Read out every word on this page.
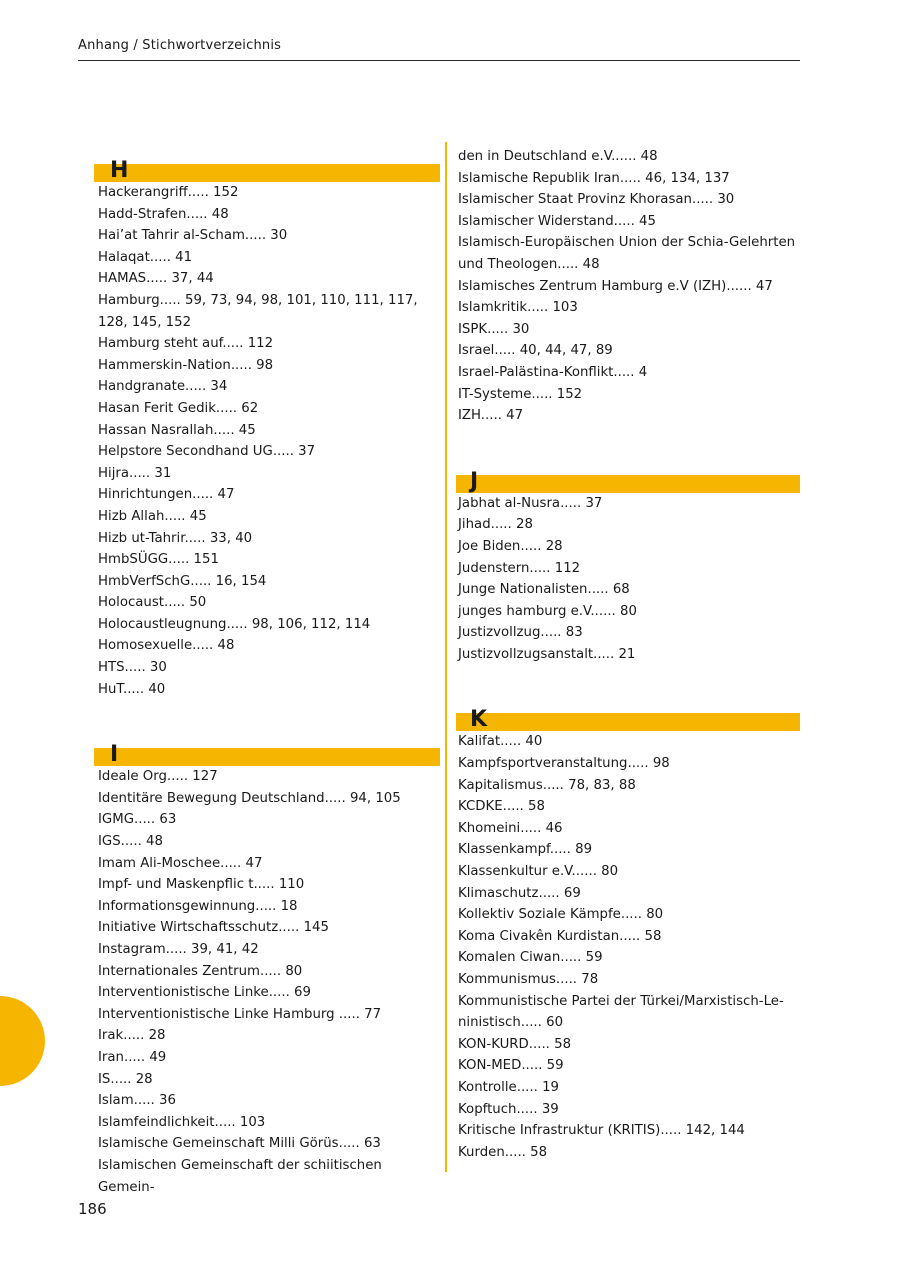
Anhang / Stichwortverzeichnis
H
Hackerangriff..... 152
Hadd-Strafen..... 48
Hai’at Tahrir al-Scham..... 30
Halaqat..... 41
HAMAS..... 37, 44
Hamburg..... 59, 73, 94, 98, 101, 110, 111, 117, 128, 145, 152
Hamburg steht auf..... 112
Hammerskin-Nation..... 98
Handgranate..... 34
Hasan Ferit Gedik..... 62
Hassan Nasrallah..... 45
Helpstore Secondhand UG..... 37
Hijra..... 31
Hinrichtungen..... 47
Hizb Allah..... 45
Hizb ut-Tahrir..... 33, 40
HmbSÜGG..... 151
HmbVerfSchG..... 16, 154
Holocaust..... 50
Holocaustleugnung..... 98, 106, 112, 114
Homosexuelle..... 48
HTS..... 30
HuT..... 40
I
Ideale Org..... 127
Identitäre Bewegung Deutschland..... 94, 105
IGMG..... 63
IGS..... 48
Imam Ali-Moschee..... 47
Impf- und Maskenpflic t..... 110
Informationsgewinnung..... 18
Initiative Wirtschaftsschutz..... 145
Instagram..... 39, 41, 42
Internationales Zentrum..... 80
Interventionistische Linke..... 69
Interventionistische Linke Hamburg ..... 77
Irak..... 28
Iran..... 49
IS..... 28
Islam..... 36
Islamfeindlichkeit..... 103
Islamische Gemeinschaft Milli Görüs..... 63
Islamischen Gemeinschaft der schiitischen Gemein-
den in Deutschland e.V...... 48
Islamische Republik Iran..... 46, 134, 137
Islamischer Staat Provinz Khorasan..... 30
Islamischer Widerstand..... 45
Islamisch-Europäischen Union der Schia-Gelehrten und Theologen..... 48
Islamisches Zentrum Hamburg e.V (IZH)...... 47
Islamkritik..... 103
ISPK..... 30
Israel..... 40, 44, 47, 89
Israel-Palästina-Konflikt..... 4
IT-Systeme..... 152
IZH..... 47
J
Jabhat al-Nusra..... 37
Jihad..... 28
Joe Biden..... 28
Judenstern..... 112
Junge Nationalisten..... 68
junges hamburg e.V...... 80
Justizvollzug..... 83
Justizvollzugsanstalt..... 21
K
Kalifat..... 40
Kampfsportveranstaltung..... 98
Kapitalismus..... 78, 83, 88
KCDKE..... 58
Khomeini..... 46
Klassenkampf..... 89
Klassenkultur e.V...... 80
Klimaschutz..... 69
Kollektiv Soziale Kämpfe..... 80
Koma Civakên Kurdistan..... 58
Komalen Ciwan..... 59
Kommunismus..... 78
Kommunistische Partei der Türkei/Marxistisch-Leninistisch..... 60
KON-KURD..... 58
KON-MED..... 59
Kontrolle..... 19
Kopftuch..... 39
Kritische Infrastruktur (KRITIS)..... 142, 144
Kurden..... 58
186
